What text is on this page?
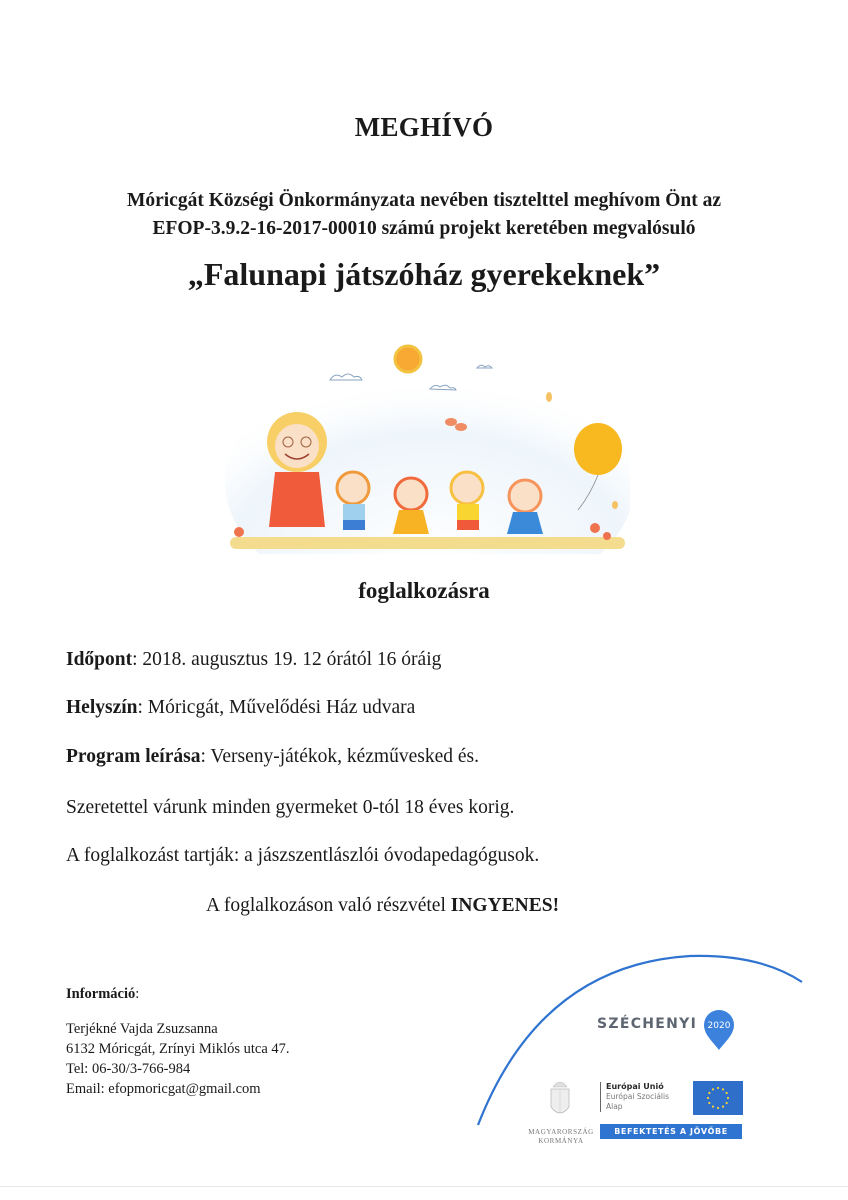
MEGHÍVÓ
Móricgát Községi Önkormányzata nevében tisztelttel meghívom Önt az
EFOP-3.9.2-16-2017-00010 számú projekt keretében megvalósuló
„Falunapi játszóház gyerekeknek”
foglalkozásra
Időpont: 2018. augusztus 19. 12 órától 16 óráig
Helyszín: Móricgát, Művelődési Ház udvara
Program leírása: Verseny-játékok, kézművesked és.
Szeretettel várunk minden gyermeket 0-tól 18 éves korig.
A foglalkozást tartják: a jászszentlászlói óvodapedagógusok.
A foglalkozáson való részvétel INGYENES!
Információ:
Terjékné Vajda Zsuzsanna
6132 Móricgát, Zrínyi Miklós utca 47.
Tel: 06-30/3-766-984
Email: efopmoricgat@gmail.com
SZÉCHENYI 2020
MAGYARORSZÁG
KORMÁNYA
Európai Unió
Európai Szociális
Alap
BEFEKTETÉS A JÖVŐBE
